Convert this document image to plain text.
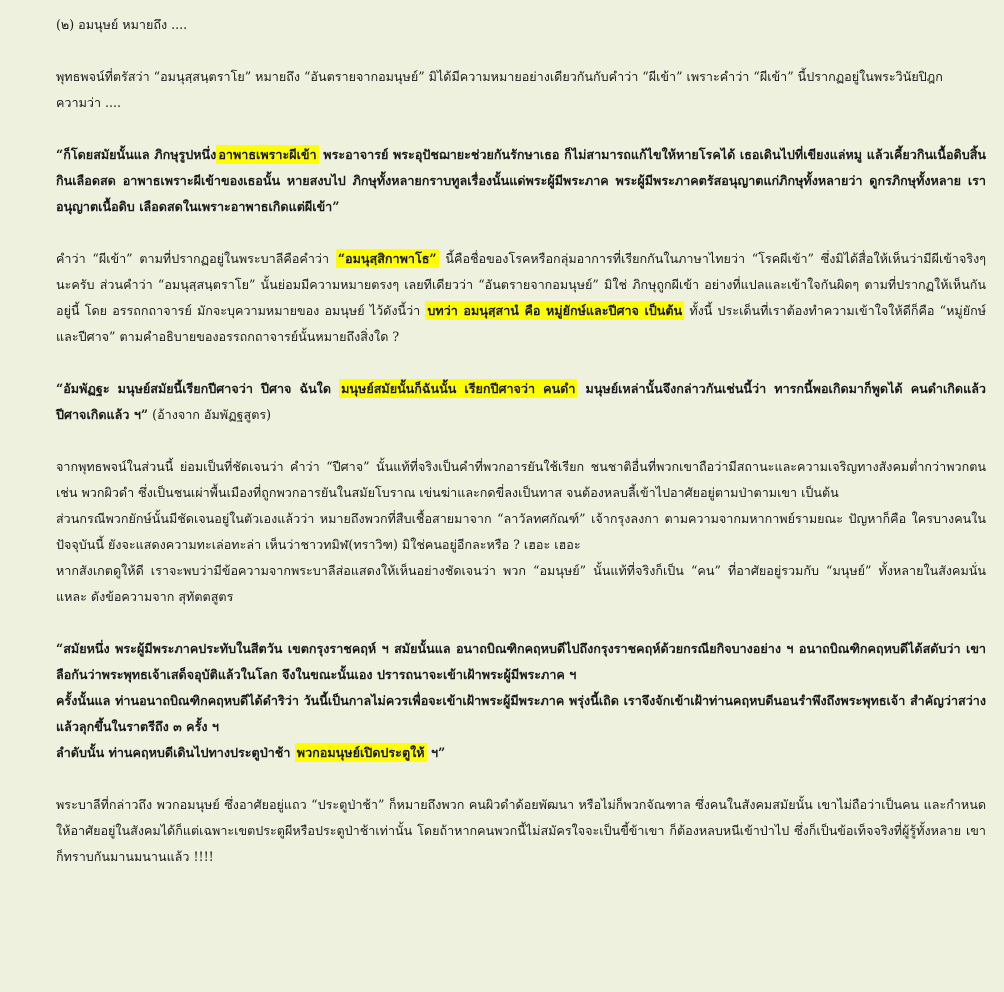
(๒) อมนุษย์ หมายถึง ....

พุทธพจน์ที่ตรัสว่า “อมนุสฺสนฺตราโย” หมายถึง “อันตรายจากอมนุษย์” มิได้มีความหมายอย่างเดียวกันกับคำว่า “ผีเข้า” เพราะคำว่า “ผีเข้า” นี้ปรากฏอยู่ในพระวินัยปิฎก

ความว่า ....

“ก็โดยสมัยนั้นแล ภิกษุรูปหนึ่ง อาพาธเพราะผีเข้า พระอาจารย์ พระอุปัชฌายะช่วยกันรักษาเธอ ก็ไม่สามารถแก้ไขให้หายโรคได้ เธอเดินไปที่เขียงแล่หมู แล้วเคี้ยวกินเนื้อดิบสิ้นกินเลือดสด อาพาธเพราะผีเข้าของเธอนั้น หายสงบไป ภิกษุทั้งหลายกราบทูลเรื่องนั้นแด่พระผู้มีพระภาค พระผู้มีพระภาคตรัสอนุญาตแก่ภิกษุทั้งหลายว่า ดูกรภิกษุทั้งหลาย เราอนุญาตเนื้อดิบ เลือดสดในเพราะอาพาธเกิดแต่ผีเข้า”

คำว่า “ผีเข้า” ตามที่ปรากฏอยู่ในพระบาลีคือคำว่า “อมนุสฺสิกาพาโธ” นี้คือชื่อของโรคหรือกลุ่มอาการที่เรียกกันในภาษาไทยว่า “โรคผีเข้า” ซึ่งมิได้สื่อให้เห็นว่ามีผีเข้าจริงๆ นะครับ ส่วนคำว่า “อมนุสฺสนฺตราโย” นั้นย่อมมีความหมายตรงๆ เลยทีเดียวว่า “อันตรายจากอมนุษย์” มิใช่ ภิกษุถูกผีเข้า อย่างที่แปลและเข้าใจกันผิดๆ ตามที่ปรากฏให้เห็นกันอยู่นี้ โดย อรรถกถาจารย์ มักจะบุความหมายของ อมนุษย์ ไว้ดังนี้ว่า บทว่า อมนุสฺสานํ คือ หมู่ยักษ์และปีศาจ เป็นต้น ทั้งนี้ ประเด็นที่เราต้องทำความเข้าใจให้ดีก็คือ “หมู่ยักษ์และปีศาจ” ตามคำอธิบายของอรรถกถาจารย์นั้นหมายถึงสิ่งใด ?

“อัมพัฏฐะ มนุษย์สมัยนี้เรียกปีศาจว่า ปีศาจ ฉันใด มนุษย์สมัยนั้นก็ฉันนั้น เรียกปีศาจว่า คนดำ มนุษย์เหล่านั้นจึงกล่าวกันเช่นนี้ว่า ทารกนี้พอเกิดมาก็พูดได้ คนดำเกิดแล้ว ปีศาจเกิดแล้ว ฯ” (อ้างจาก อัมพัฏฐสูตร)

จากพุทธพจน์ในส่วนนี้ ย่อมเป็นที่ชัดเจนว่า คำว่า “ปีศาจ” นั้นแท้ที่จริงเป็นคำที่พวกอารยันใช้เรียก ชนชาติอื่นที่พวกเขาถือว่ามีสถานะและความเจริญทางสังคมต่ำกว่าพวกตน เช่น พวกผิวดำ ซึ่งเป็นชนเผ่าพื้นเมืองที่ถูกพวกอารยันในสมัยโบราณ เข่นฆ่าและกดขี่ลงเป็นทาส จนต้องหลบลี้เข้าไปอาศัยอยู่ตามป่าตามเขา เป็นต้น

ส่วนกรณีพวกยักษ์นั้นมีชัดเจนอยู่ในตัวเองแล้วว่า หมายถึงพวกที่สืบเชื้อสายมาจาก “ลาวัลทศกัณฑ์” เจ้ากรุงลงกา ตามความจากมหากาพย์รามยณะ ปัญหาก็คือ ใครบางคนในปัจจุบันนี้ ยังจะแสดงความทะเล่อทะล่า เห็นว่าชาวทมิฬ(ทราวิฑ) มิใช่คนอยู่อีกละหรือ ? เฮอะ เฮอะ

หากสังเกตดูให้ดี เราจะพบว่ามีข้อความจากพระบาลีส่อแสดงให้เห็นอย่างชัดเจนว่า พวก “อมนุษย์” นั้นแท้ที่จริงก็เป็น “คน” ที่อาศัยอยู่รวมกับ “มนุษย์” ทั้งหลายในสังคมนั่นแหละ ดังข้อความจาก สุทัตตสูตร

“สมัยหนึ่ง พระผู้มีพระภาคประทับในสีตวัน เขตกรุงราชคฤห์ ฯ สมัยนั้นแล อนาถบิณฑิกคฤหบดีไปถึงกรุงราชคฤห์ด้วยกรณียกิจบางอย่าง ฯ อนาถบิณฑิกคฤหบดีได้สดับว่า เขาลือกันว่าพระพุทธเจ้าเสด็จอุบัติแล้วในโลก จึงในขณะนั้นเอง ปรารถนาจะเข้าเฝ้าพระผู้มีพระภาค ฯ

ครั้งนั้นแล ท่านอนาถบิณฑิกคฤหบดีได้ดำริว่า วันนี้เป็นกาลไม่ควรเพื่อจะเข้าเฝ้าพระผู้มีพระภาค พรุ่งนี้เถิด เราจึงจักเข้าเฝ้าท่านคฤหบดีนอนรำพึงถึงพระพุทธเจ้า สำคัญว่าสว่างแล้วลุกขึ้นในราตรีถึง ๓ ครั้ง ฯ

ลำดับนั้น ท่านคฤหบดีเดินไปทางประตูป่าช้า พวกอมนุษย์เปิดประตูให้ ฯ”

พระบาลีที่กล่าวถึง พวกอมนุษย์ ซึ่งอาศัยอยู่แถว “ประตูป่าช้า” ก็หมายถึงพวก คนผิวดำด้อยพัฒนา หรือไม่ก็พวกจัณฑาล ซึ่งคนในสังคมสมัยนั้น เขาไม่ถือว่าเป็นคน และกำหนดให้อาศัยอยู่ในสังคมได้ก็แต่เฉพาะเขตประตูผีหรือประตูป่าช้าเท่านั้น โดยถ้าหากคนพวกนี้ไม่สมัครใจจะเป็นขี้ข้าเขา ก็ต้องหลบหนีเข้าป่าไป ซึ่งก็เป็นข้อเท็จจริงที่ผู้รู้ทั้งหลาย เขาก็ทราบกันมานมนานแล้ว !!!!
